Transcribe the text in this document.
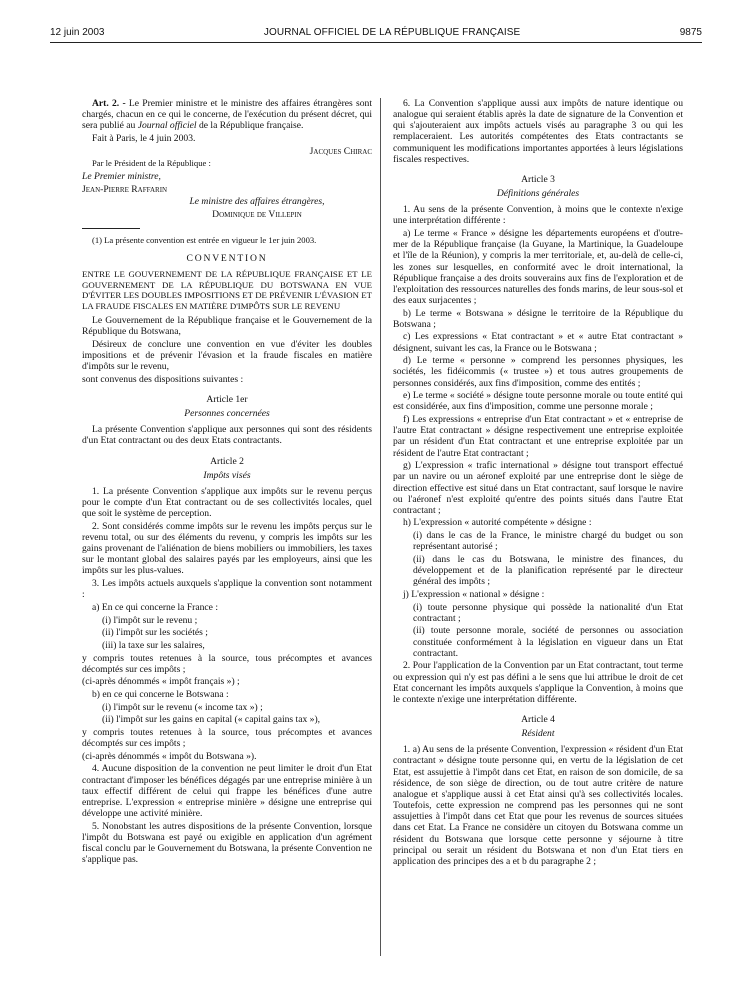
12 juin 2003	JOURNAL OFFICIEL DE LA RÉPUBLIQUE FRANÇAISE	9875

Art. 2. - Le Premier ministre et le ministre des affaires étrangères sont chargés, chacun en ce qui le concerne, de l'exécution du présent décret, qui sera publié au Journal officiel de la République française.

Fait à Paris, le 4 juin 2003.

Jacques Chirac

Par le Président de la République :

Le Premier ministre,

Jean-Pierre Raffarin

Le ministre des affaires étrangères,

Dominique de Villepin

(1) La présente convention est entrée en vigueur le 1er juin 2003.

CONVENTION

ENTRE LE GOUVERNEMENT DE LA RÉPUBLIQUE FRANÇAISE ET LE GOUVERNEMENT DE LA RÉPUBLIQUE DU BOTSWANA EN VUE D'ÉVITER LES DOUBLES IMPOSITIONS ET DE PRÉVENIR L'ÉVASION ET LA FRAUDE FISCALES EN MATIÈRE D'IMPÔTS SUR LE REVENU

Le Gouvernement de la République française et le Gouvernement de la République du Botswana,

Désireux de conclure une convention en vue d'éviter les doubles impositions et de prévenir l'évasion et la fraude fiscales en matière d'impôts sur le revenu,

sont convenus des dispositions suivantes :

Article 1er

Personnes concernées

La présente Convention s'applique aux personnes qui sont des résidents d'un Etat contractant ou des deux Etats contractants.

Article 2

Impôts visés

1. La présente Convention s'applique aux impôts sur le revenu perçus pour le compte d'un Etat contractant ou de ses collectivités locales, quel que soit le système de perception.

2. Sont considérés comme impôts sur le revenu les impôts perçus sur le revenu total, ou sur des éléments du revenu, y compris les impôts sur les gains provenant de l'aliénation de biens mobiliers ou immobiliers, les taxes sur le montant global des salaires payés par les employeurs, ainsi que les impôts sur les plus-values.

3. Les impôts actuels auxquels s'applique la convention sont notamment :

a) En ce qui concerne la France :

(i) l'impôt sur le revenu ;

(ii) l'impôt sur les sociétés ;

(iii) la taxe sur les salaires,

y compris toutes retenues à la source, tous précomptes et avances décomptés sur ces impôts ;

(ci-après dénommés « impôt français ») ;

b) en ce qui concerne le Botswana :

(i) l'impôt sur le revenu (« income tax ») ;

(ii) l'impôt sur les gains en capital (« capital gains tax »),

y compris toutes retenues à la source, tous précomptes et avances décomptés sur ces impôts ;

(ci-après dénommés « impôt du Botswana »).

4. Aucune disposition de la convention ne peut limiter le droit d'un Etat contractant d'imposer les bénéfices dégagés par une entreprise minière à un taux effectif différent de celui qui frappe les bénéfices d'une autre entreprise. L'expression « entreprise minière » désigne une entreprise qui développe une activité minière.

5. Nonobstant les autres dispositions de la présente Convention, lorsque l'impôt du Botswana est payé ou exigible en application d'un agrément fiscal conclu par le Gouvernement du Botswana, la présente Convention ne s'applique pas.

6. La Convention s'applique aussi aux impôts de nature identique ou analogue qui seraient établis après la date de signature de la Convention et qui s'ajouteraient aux impôts actuels visés au paragraphe 3 ou qui les remplaceraient. Les autorités compétentes des Etats contractants se communiquent les modifications importantes apportées à leurs législations fiscales respectives.

Article 3

Définitions générales

1. Au sens de la présente Convention, à moins que le contexte n'exige une interprétation différente :

a) Le terme « France » désigne les départements européens et d'outre-mer de la République française (la Guyane, la Martinique, la Guadeloupe et l'île de la Réunion), y compris la mer territoriale, et, au-delà de celle-ci, les zones sur lesquelles, en conformité avec le droit international, la République française a des droits souverains aux fins de l'exploration et de l'exploitation des ressources naturelles des fonds marins, de leur sous-sol et des eaux surjacentes ;

b) Le terme « Botswana » désigne le territoire de la République du Botswana ;

c) Les expressions « Etat contractant » et « autre Etat contractant » désignent, suivant les cas, la France ou le Botswana ;

d) Le terme « personne » comprend les personnes physiques, les sociétés, les fidéicommis (« trustee ») et tous autres groupements de personnes considérés, aux fins d'imposition, comme des entités ;

e) Le terme « société » désigne toute personne morale ou toute entité qui est considérée, aux fins d'imposition, comme une personne morale ;

f) Les expressions « entreprise d'un Etat contractant » et « entreprise de l'autre Etat contractant » désigne respectivement une entreprise exploitée par un résident d'un Etat contractant et une entreprise exploitée par un résident de l'autre Etat contractant ;

g) L'expression « trafic international » désigne tout transport effectué par un navire ou un aéronef exploité par une entreprise dont le siège de direction effective est situé dans un Etat contractant, sauf lorsque le navire ou l'aéronef n'est exploité qu'entre des points situés dans l'autre Etat contractant ;

h) L'expression « autorité compétente » désigne :

(i) dans le cas de la France, le ministre chargé du budget ou son représentant autorisé ;

(ii) dans le cas du Botswana, le ministre des finances, du développement et de la planification représenté par le directeur général des impôts ;

j) L'expression « national » désigne :

(i) toute personne physique qui possède la nationalité d'un Etat contractant ;

(ii) toute personne morale, société de personnes ou association constituée conformément à la législation en vigueur dans un Etat contractant.

2. Pour l'application de la Convention par un Etat contractant, tout terme ou expression qui n'y est pas défini a le sens que lui attribue le droit de cet Etat concernant les impôts auxquels s'applique la Convention, à moins que le contexte n'exige une interprétation différente.

Article 4

Résident

1. a) Au sens de la présente Convention, l'expression « résident d'un Etat contractant » désigne toute personne qui, en vertu de la législation de cet Etat, est assujettie à l'impôt dans cet Etat, en raison de son domicile, de sa résidence, de son siège de direction, ou de tout autre critère de nature analogue et s'applique aussi à cet Etat ainsi qu'à ses collectivités locales. Toutefois, cette expression ne comprend pas les personnes qui ne sont assujetties à l'impôt dans cet Etat que pour les revenus de sources situées dans cet Etat. La France ne considère un citoyen du Botswana comme un résident du Botswana que lorsque cette personne y séjourne à titre principal ou serait un résident du Botswana et non d'un Etat tiers en application des principes des a et b du paragraphe 2 ;
